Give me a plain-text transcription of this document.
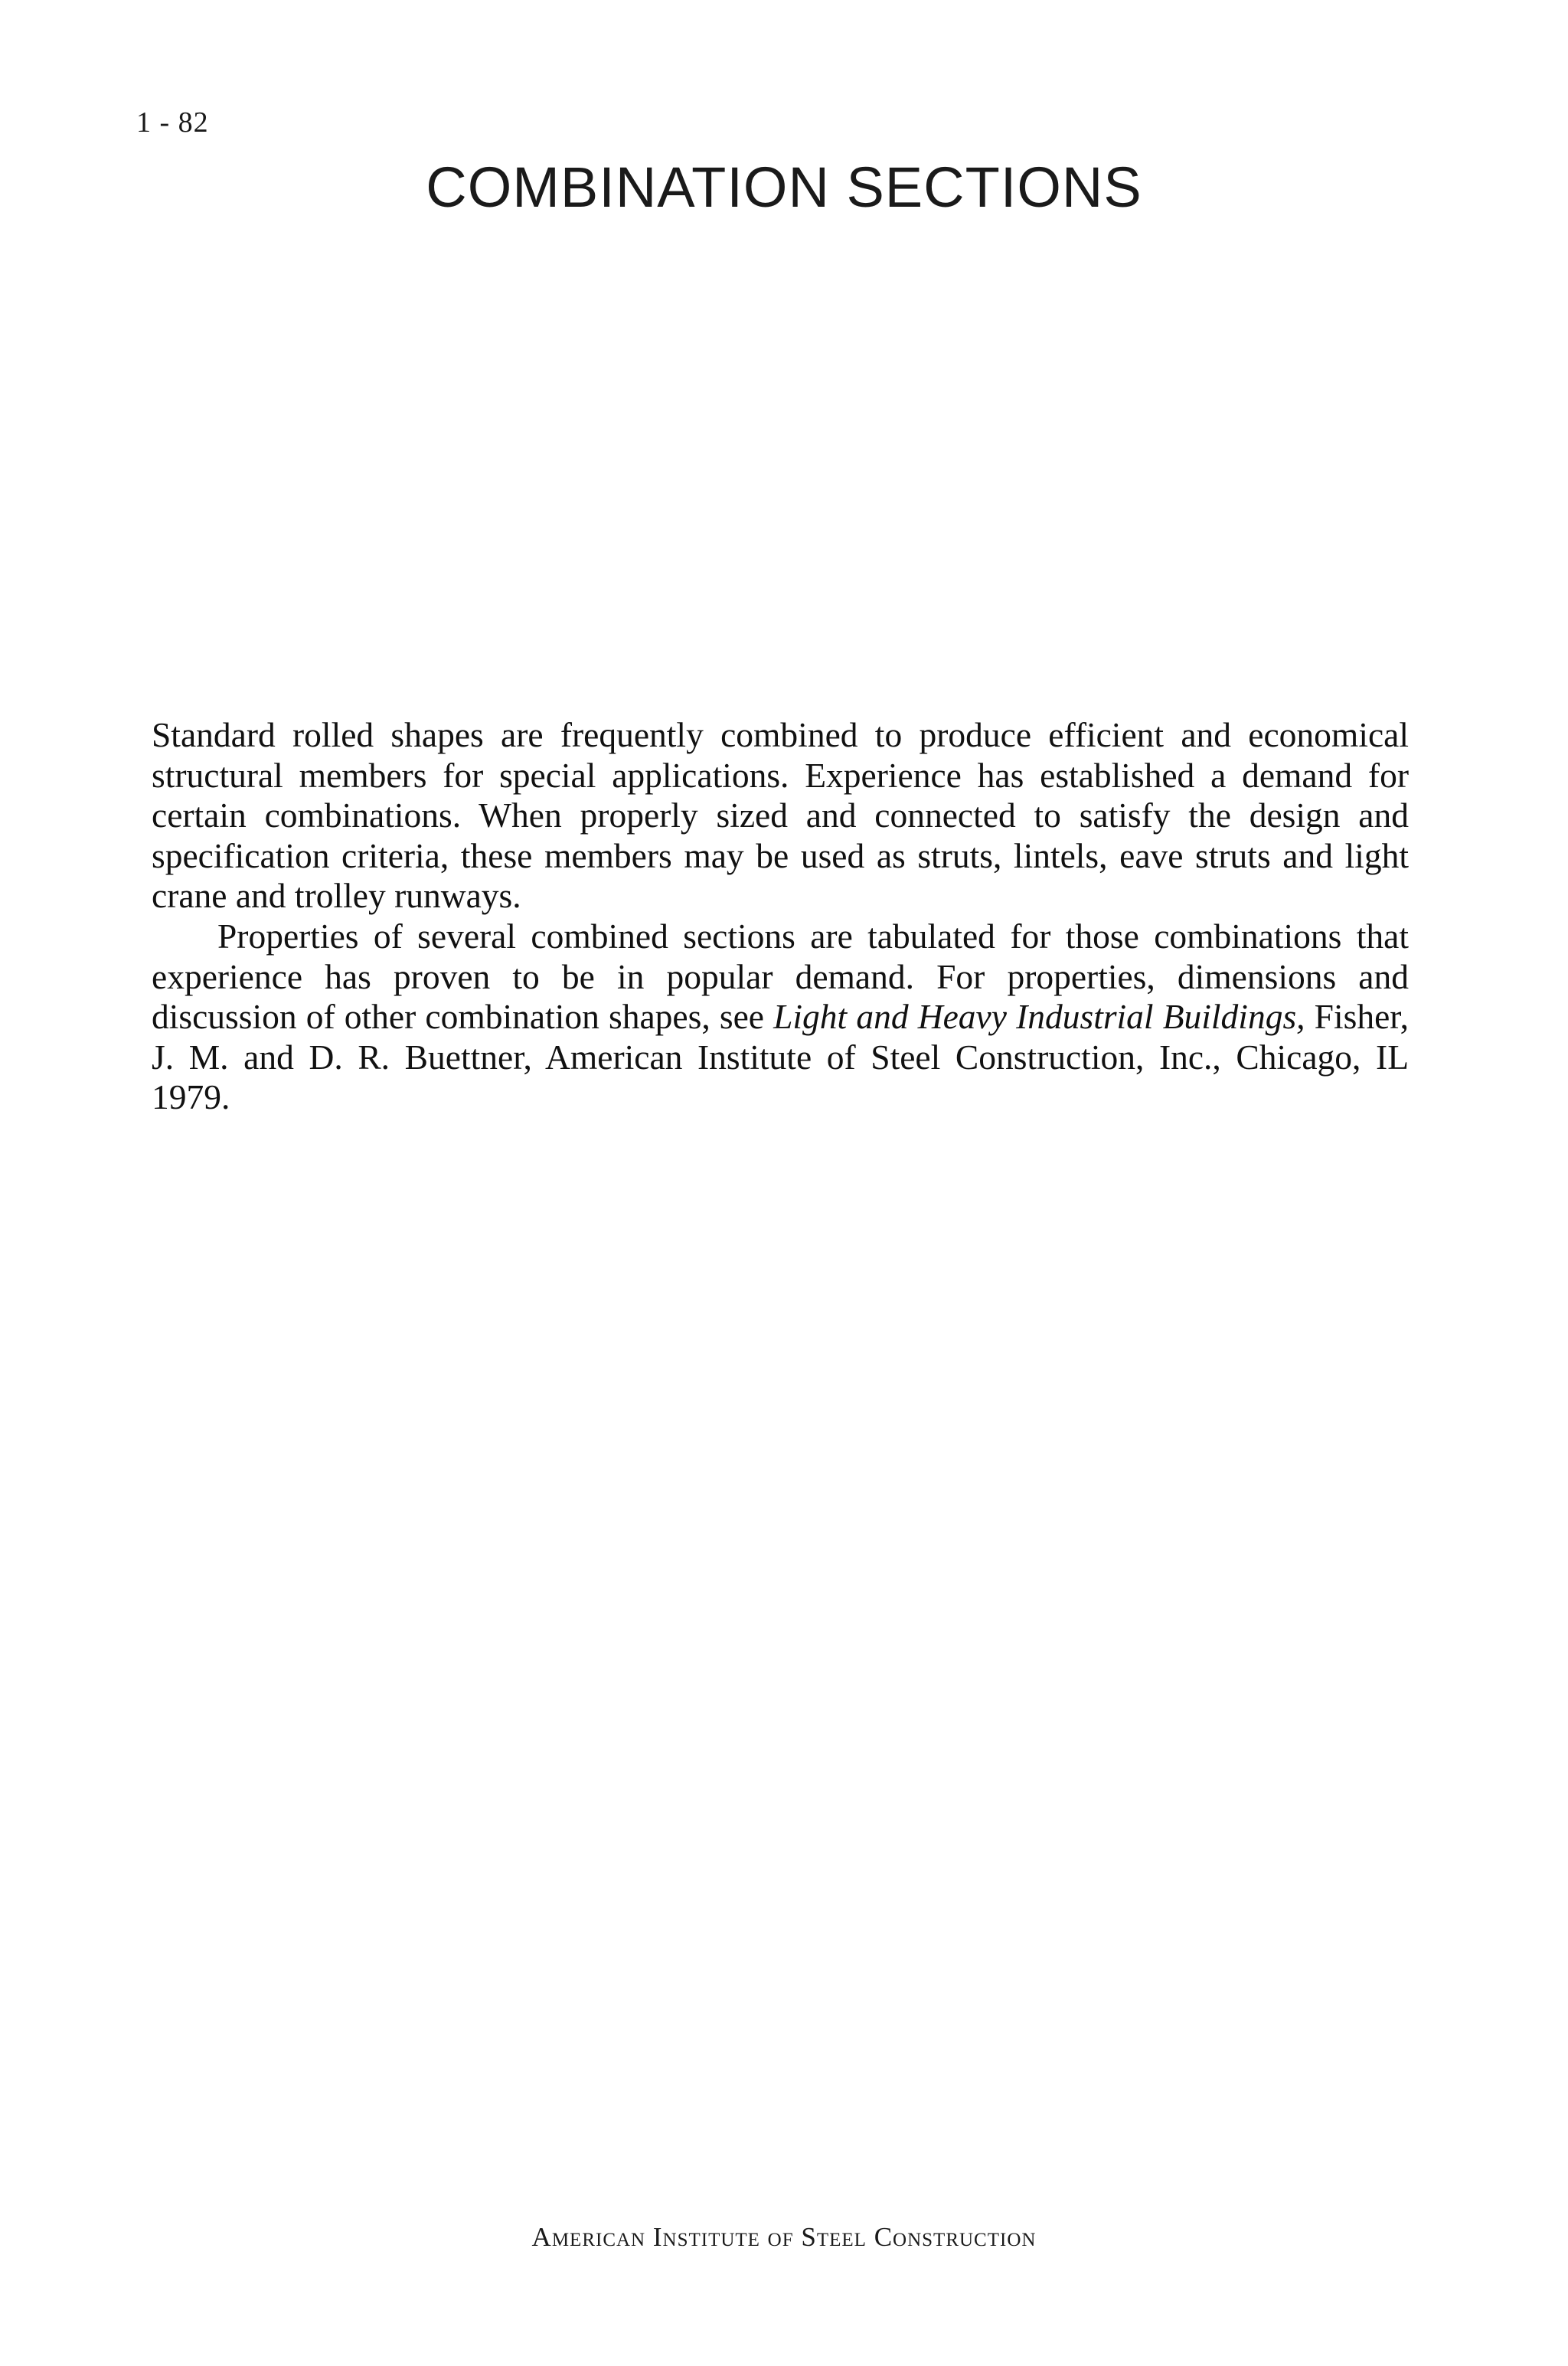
1 - 82
COMBINATION SECTIONS

Standard rolled shapes are frequently combined to produce efficient and economical structural members for special applications. Experience has established a demand for certain combinations. When properly sized and connected to satisfy the design and specification criteria, these members may be used as struts, lintels, eave struts and light crane and trolley runways.

Properties of several combined sections are tabulated for those combinations that experience has proven to be in popular demand. For properties, dimensions and discussion of other combination shapes, see Light and Heavy Industrial Buildings, Fisher, J. M. and D. R. Buettner, American Institute of Steel Construction, Inc., Chicago, IL 1979.

American Institute of Steel Construction
